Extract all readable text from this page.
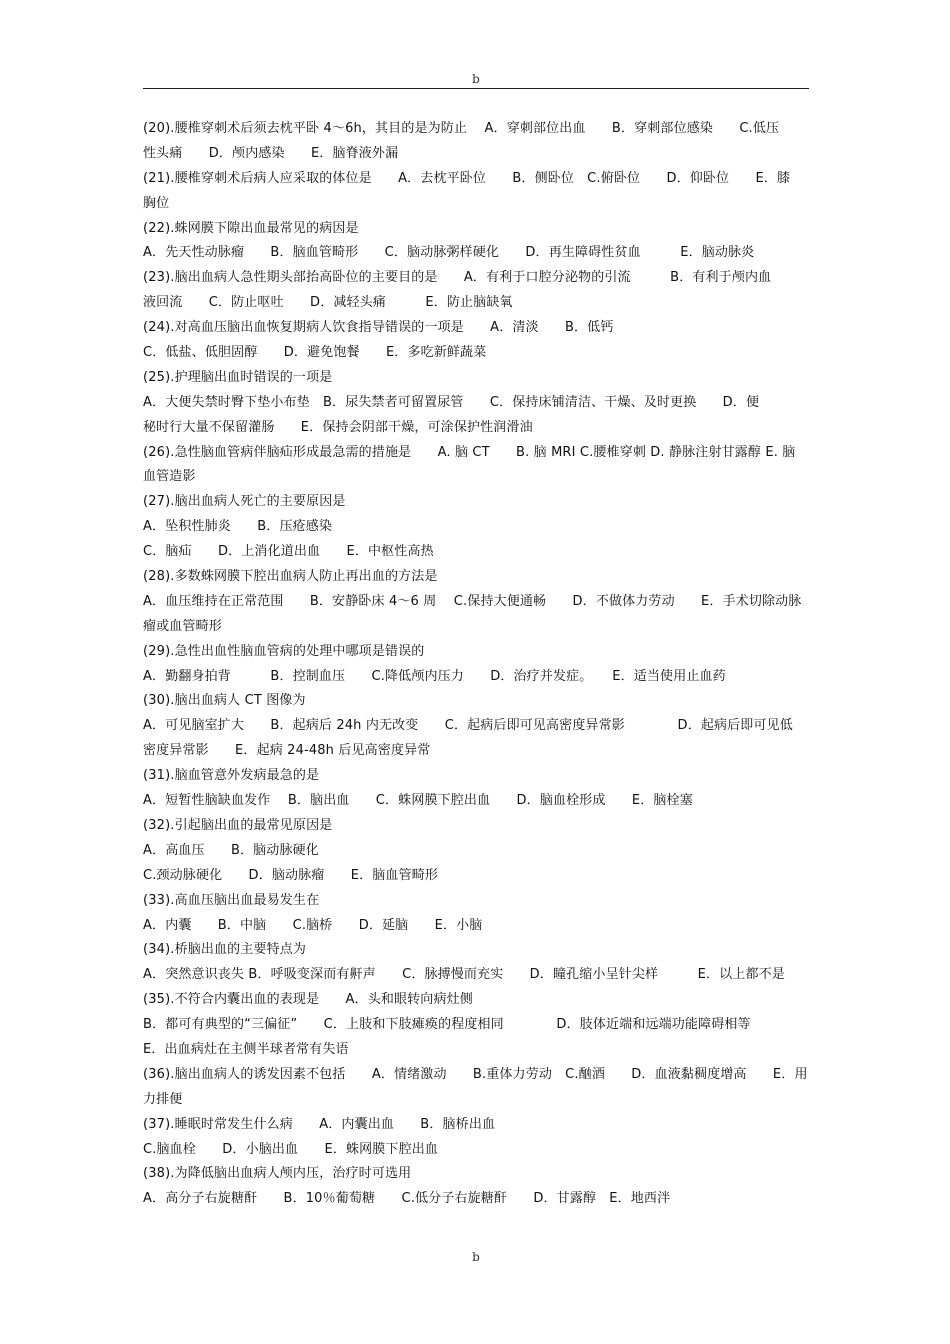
b
(20).腰椎穿刺术后须去枕平卧 4～6h，其目的是为防止　 A．穿刺部位出血　　B．穿刺部位感染　　C.低压
性头痛　　D．颅内感染　　E．脑脊液外漏
(21).腰椎穿刺术后病人应采取的体位是　　A．去枕平卧位　　B．侧卧位　C.俯卧位　　D．仰卧位　　E．膝
胸位
(22).蛛网膜下隙出血最常见的病因是
A．先天性动脉瘤　　B．脑血管畸形　　C．脑动脉粥样硬化　　D．再生障碍性贫血　　　E．脑动脉炎
(23).脑出血病人急性期头部抬高卧位的主要目的是　　A．有利于口腔分泌物的引流　　　B．有利于颅内血
液回流　　C．防止呕吐　　D．减轻头痛　　　E．防止脑缺氧
(24).对高血压脑出血恢复期病人饮食指导错误的一项是　　A．清淡　　B．低钙
C．低盐、低胆固醇　　D．避免饱餐　　E．多吃新鲜蔬菜
(25).护理脑出血时错误的一项是
A．大便失禁时臀下垫小布垫　B．尿失禁者可留置尿管　　C．保持床铺清洁、干燥、及时更换　　D．便
秘时行大量不保留灌肠　　E．保持会阴部干燥，可涂保护性润滑油
(26).急性脑血管病伴脑疝形成最急需的措施是　　A. 脑 CT　　B. 脑 MRI C.腰椎穿刺 D. 静脉注射甘露醇 E. 脑
血管造影
(27).脑出血病人死亡的主要原因是
A．坠积性肺炎　　B．压疮感染
C．脑疝　　D．上消化道出血　　E．中枢性高热
(28).多数蛛网膜下腔出血病人防止再出血的方法是
A．血压维持在正常范围　　B．安静卧床 4～6 周　 C.保持大便通畅　　D．不做体力劳动　　E．手术切除动脉
瘤或血管畸形
(29).急性出血性脑血管病的处理中哪项是错误的
A．勤翻身拍背　　　B．控制血压　　C.降低颅内压力　　D．治疗并发症。　　E．适当使用止血药
(30).脑出血病人 CT 图像为
A．可见脑室扩大　　B．起病后 24h 内无改变　　C．起病后即可见高密度异常影　　　　D．起病后即可见低
密度异常影　　E．起病 24-48h 后见高密度异常
(31).脑血管意外发病最急的是
A．短暂性脑缺血发作　 B．脑出血　　C．蛛网膜下腔出血　　D．脑血栓形成　　E．脑栓塞
(32).引起脑出血的最常见原因是
A．高血压　　B．脑动脉硬化
C.颈动脉硬化　　D．脑动脉瘤　　E．脑血管畸形
(33).高血压脑出血最易发生在
A．内囊　　B．中脑　　C.脑桥　　D．延脑　　E．小脑
(34).桥脑出血的主要特点为
A．突然意识丧失 B．呼吸变深而有鼾声　　C．脉搏慢而充实　　D．瞳孔缩小呈针尖样　　　E．以上都不是
(35).不符合内囊出血的表现是　　A．头和眼转向病灶侧
B．都可有典型的“三偏征”　　C．上肢和下肢瘫痪的程度相同　　　　D．肢体近端和远端功能障碍相等
E．出血病灶在主侧半球者常有失语
(36).脑出血病人的诱发因素不包括　　A．情绪激动　　B.重体力劳动　C.酗酒　　D．血液黏稠度增高　　E．用
力排便
(37).睡眠时常发生什么病　　A．内囊出血　　B．脑桥出血
C.脑血栓　　D．小脑出血　　E．蛛网膜下腔出血
(38).为降低脑出血病人颅内压，治疗时可选用
A．高分子右旋糖酐　　B．10％葡萄糖　　C.低分子右旋糖酐　　D．甘露醇　E．地西泮
b
